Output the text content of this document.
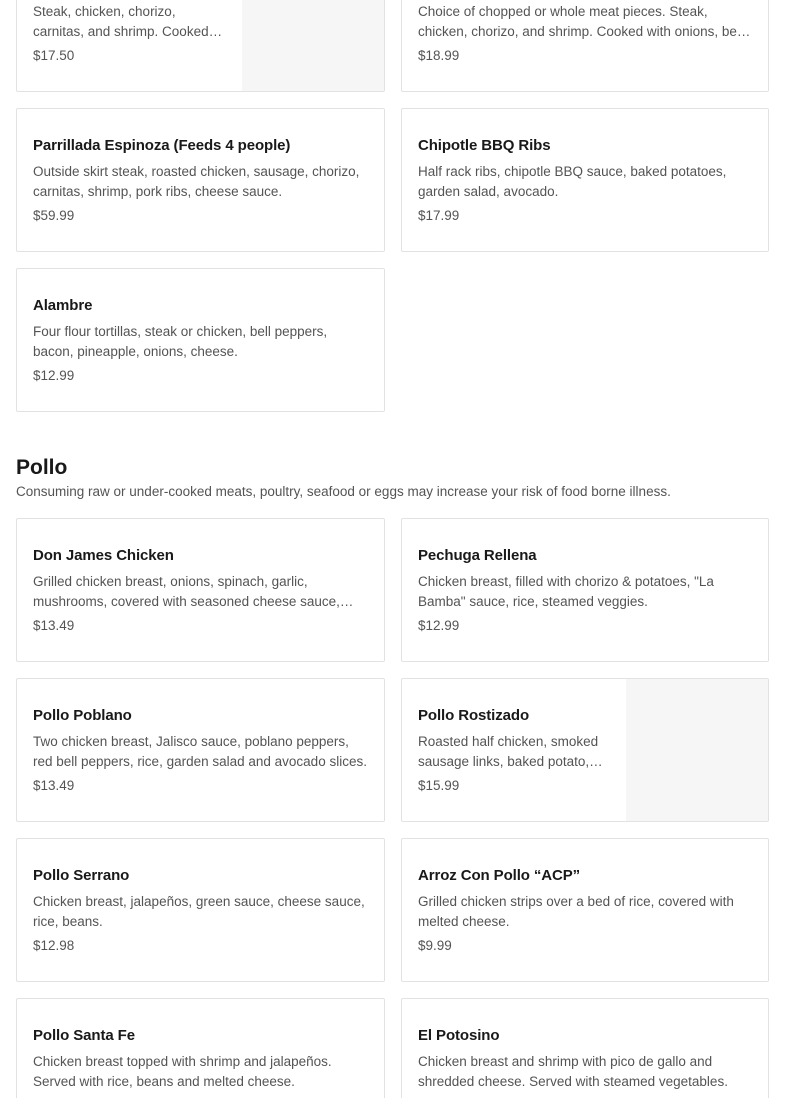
Steak, chicken, chorizo, carnitas, and shrimp. Cooked
$17.50
Choice of chopped or whole meat pieces. Steak, chicken, chorizo, and shrimp. Cooked with onions, bell
$18.99
Parrillada Espinoza (Feeds 4 people)
Outside skirt steak, roasted chicken, sausage, chorizo, carnitas, shrimp, pork ribs, cheese sauce.
$59.99
Chipotle BBQ Ribs
Half rack ribs, chipotle BBQ sauce, baked potatoes, garden salad, avocado.
$17.99
Alambre
Four flour tortillas, steak or chicken, bell peppers, bacon, pineapple, onions, cheese.
$12.99
Pollo
Consuming raw or under-cooked meats, poultry, seafood or eggs may increase your risk of food borne illness.
Don James Chicken
Grilled chicken breast, onions, spinach, garlic, mushrooms, covered with seasoned cheese sauce,
$13.49
Pechuga Rellena
Chicken breast, filled with chorizo & potatoes, "La Bamba" sauce, rice, steamed veggies.
$12.99
Pollo Poblano
Two chicken breast, Jalisco sauce, poblano peppers, red bell peppers, rice, garden salad and avocado slices.
$13.49
Pollo Rostizado
Roasted half chicken, smoked sausage links, baked potato,
$15.99
Pollo Serrano
Chicken breast, jalapeños, green sauce, cheese sauce, rice, beans.
$12.98
Arroz Con Pollo “ACP”
Grilled chicken strips over a bed of rice, covered with melted cheese.
$9.99
Pollo Santa Fe
Chicken breast topped with shrimp and jalapeños. Served with rice, beans and melted cheese.
El Potosino
Chicken breast and shrimp with pico de gallo and shredded cheese. Served with steamed vegetables.
